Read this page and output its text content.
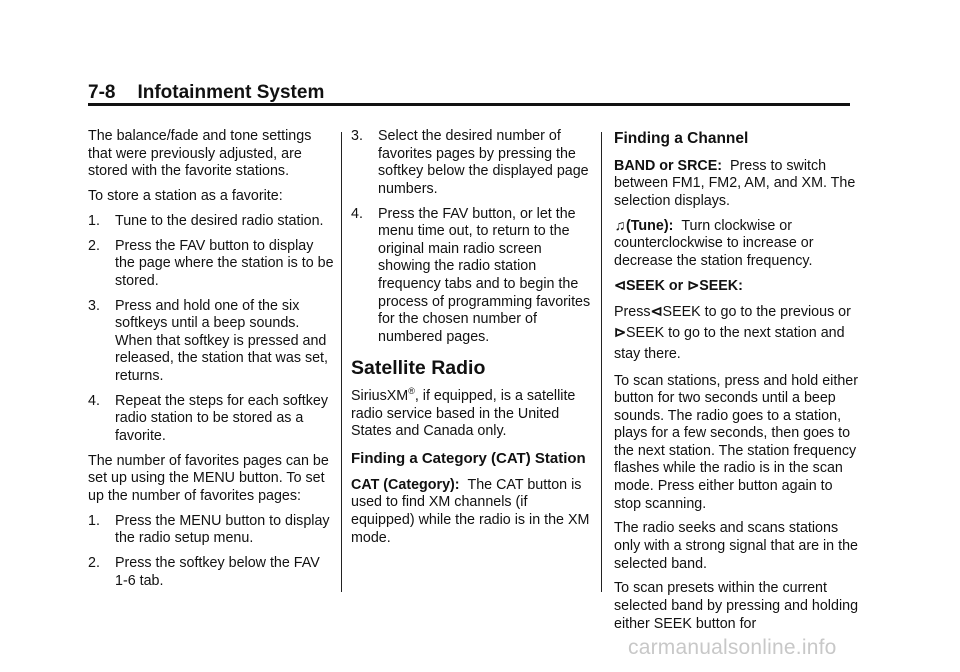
7-8 Infotainment System

The balance/fade and tone settings that were previously adjusted, are stored with the favorite stations.

To store a station as a favorite:

1. Tune to the desired radio station.
2. Press the FAV button to display the page where the station is to be stored.
3. Press and hold one of the six softkeys until a beep sounds. When that softkey is pressed and released, the station that was set, returns.
4. Repeat the steps for each softkey radio station to be stored as a favorite.

The number of favorites pages can be set up using the MENU button. To set up the number of favorites pages:

1. Press the MENU button to display the radio setup menu.
2. Press the softkey below the FAV 1-6 tab.
3. Select the desired number of favorites pages by pressing the softkey below the displayed page numbers.
4. Press the FAV button, or let the menu time out, to return to the original main radio screen showing the radio station frequency tabs and to begin the process of programming favorites for the chosen number of numbered pages.
Satellite Radio

SiriusXM®, if equipped, is a satellite radio service based in the United States and Canada only.

Finding a Category (CAT) Station

CAT (Category): The CAT button is used to find XM channels (if equipped) while the radio is in the XM mode.

Finding a Channel

BAND or SRCE: Press to switch between FM1, FM2, AM, and XM. The selection displays.

♫(Tune): Turn clockwise or counterclockwise to increase or decrease the station frequency.

⊲SEEK or ⊳SEEK:

Press⊲SEEK to go to the previous or⊳SEEK to go to the next station and stay there.

To scan stations, press and hold either button for two seconds until a beep sounds. The radio goes to a station, plays for a few seconds, then goes to the next station. The station frequency flashes while the radio is in the scan mode. Press either button again to stop scanning.

The radio seeks and scans stations only with a strong signal that are in the selected band.

To scan presets within the current selected band by pressing and holding either SEEK button for

carmanualsonline.info
